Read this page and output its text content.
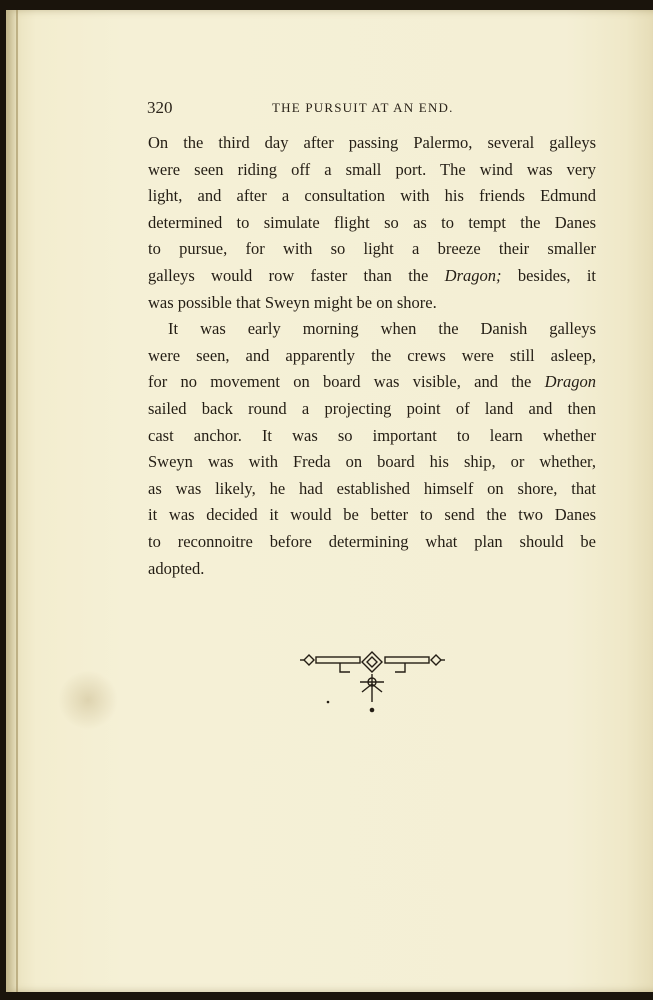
320	THE PURSUIT AT AN END.
On the third day after passing Palermo, several galleys
were seen riding off a small port. The wind was very
light, and after a consultation with his friends Edmund
determined to simulate flight so as to tempt the Danes
to pursue, for with so light a breeze their smaller
galleys would row faster than the Dragon; besides, it
was possible that Sweyn might be on shore.
It was early morning when the Danish galleys
were seen, and apparently the crews were still asleep,
for no movement on board was visible, and the Dragon
sailed back round a projecting point of land and then
cast anchor. It was so important to learn whether
Sweyn was with Freda on board his ship, or whether,
as was likely, he had established himself on shore, that
it was decided it would be better to send the two Danes
to reconnoitre before determining what plan should be
adopted.
